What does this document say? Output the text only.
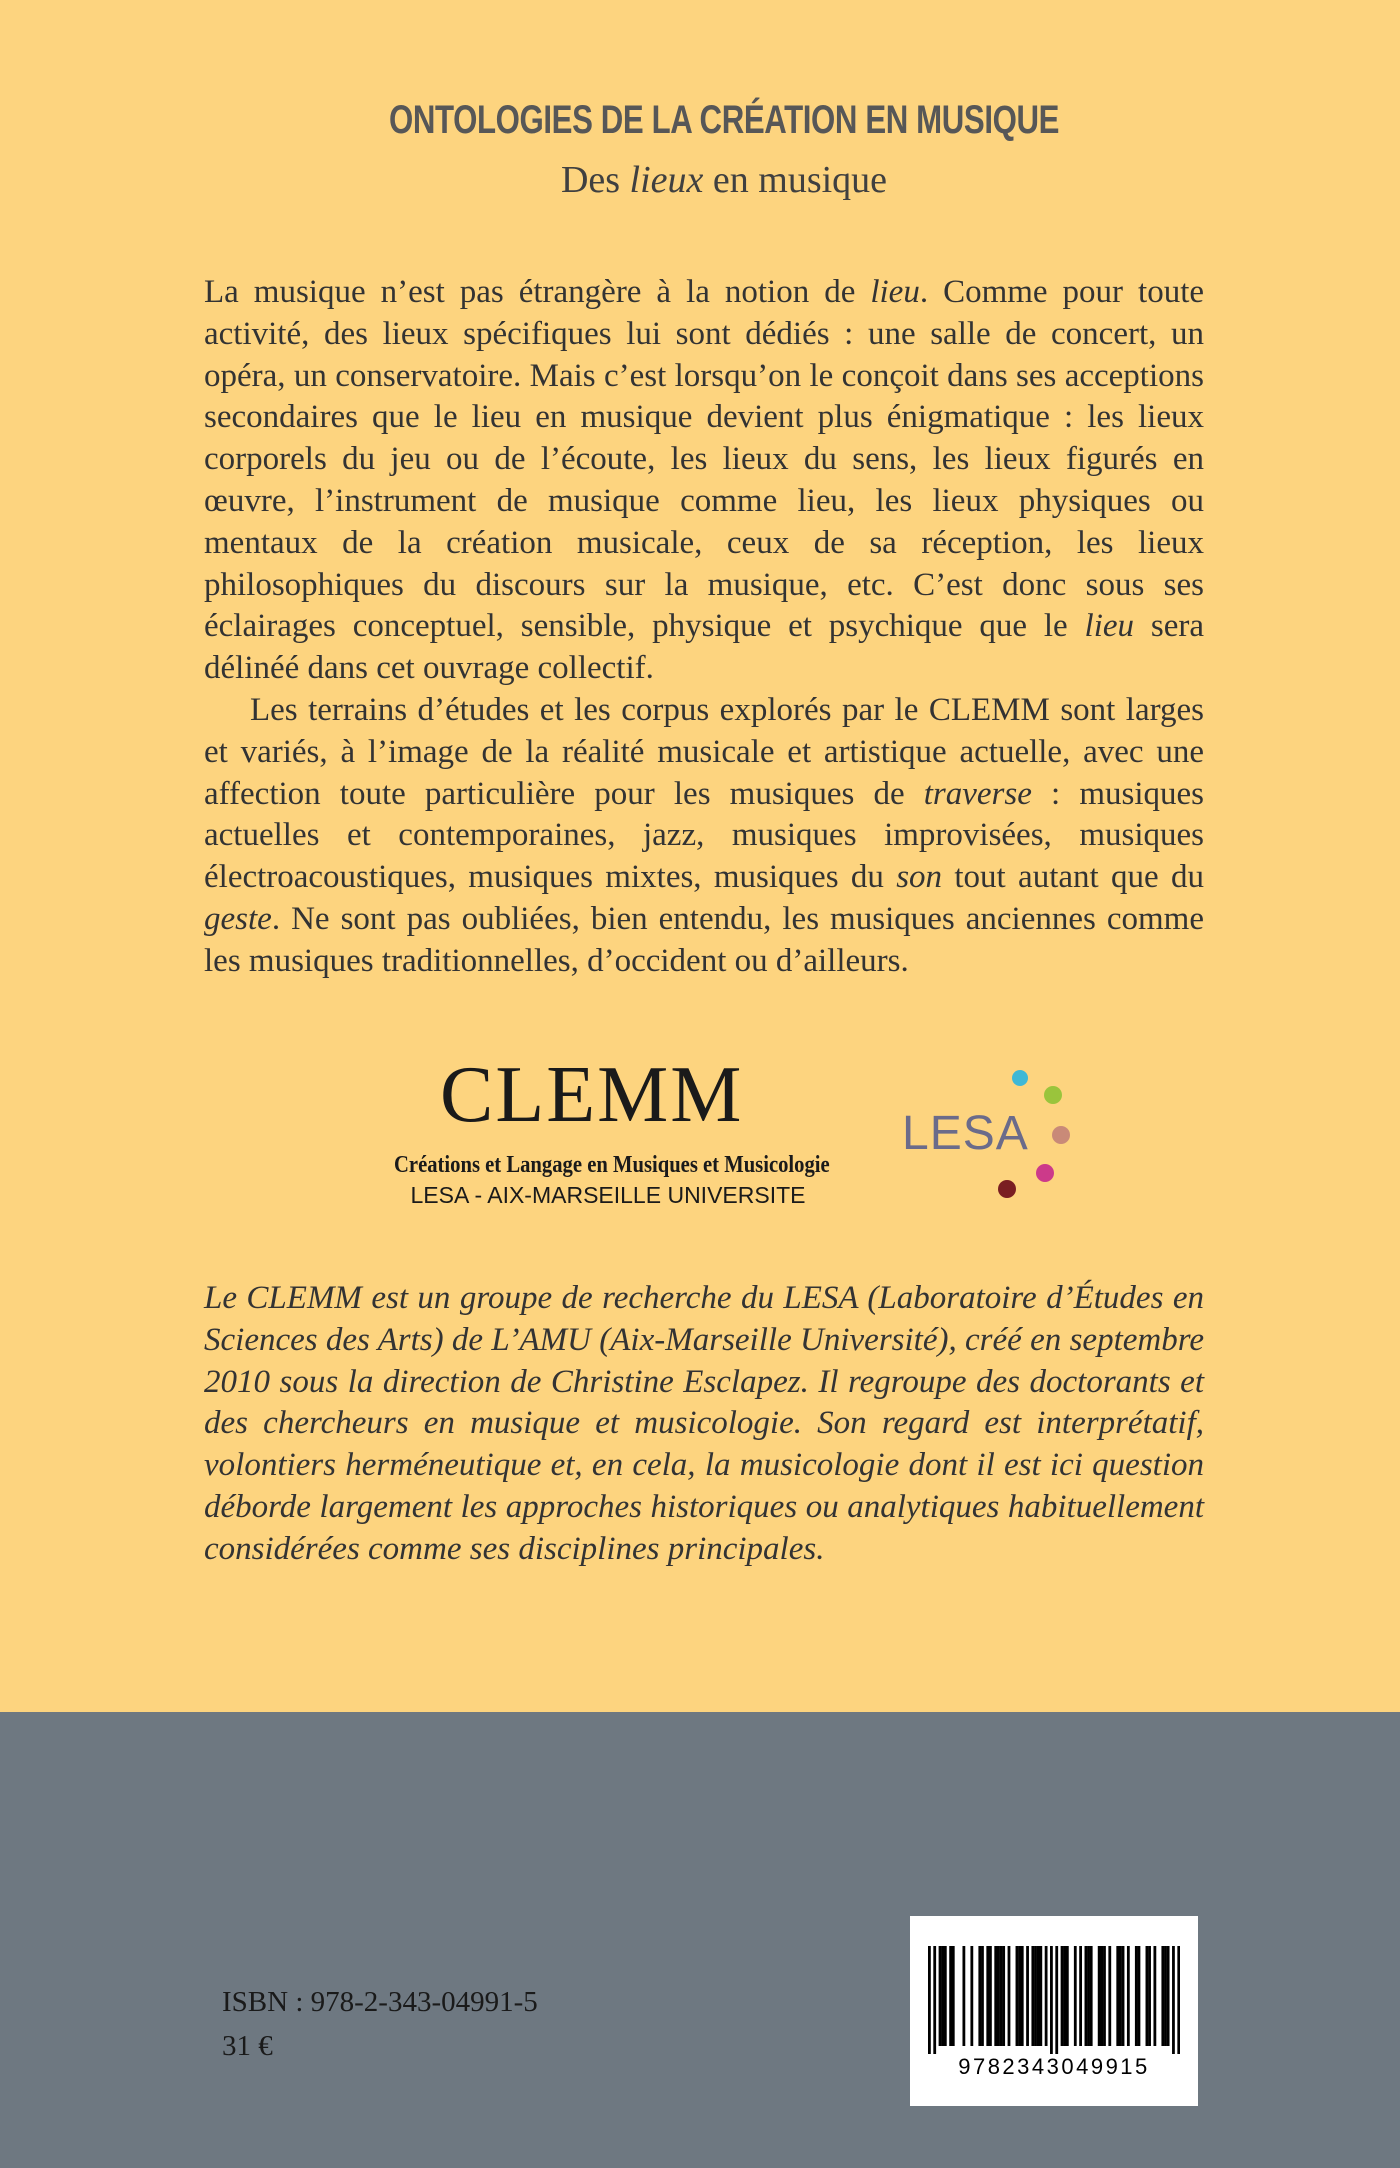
ONTOLOGIES DE LA CRÉATION EN MUSIQUE
Des lieux en musique

La musique n’est pas étrangère à la notion de lieu. Comme pour toute activité, des lieux spécifiques lui sont dédiés : une salle de concert, un opéra, un conservatoire. Mais c’est lorsqu’on le conçoit dans ses acceptions secondaires que le lieu en musique devient plus énigmatique : les lieux corporels du jeu ou de l’écoute, les lieux du sens, les lieux figurés en œuvre, l’instrument de musique comme lieu, les lieux physiques ou mentaux de la création musicale, ceux de sa réception, les lieux philosophiques du discours sur la musique, etc. C’est donc sous ses éclairages conceptuel, sensible, physique et psychique que le lieu sera délinéé dans cet ouvrage collectif.

Les terrains d’études et les corpus explorés par le CLEMM sont larges et variés, à l’image de la réalité musicale et artistique actuelle, avec une affection toute particulière pour les musiques de traverse : musiques actuelles et contemporaines, jazz, musiques improvisées, musiques électroacoustiques, musiques mixtes, musiques du son tout autant que du geste. Ne sont pas oubliées, bien entendu, les musiques anciennes comme les musiques traditionnelles, d’occident ou d’ailleurs.

CLEMM
Créations et Langage en Musiques et Musicologie
LESA - AIX-MARSEILLE UNIVERSITE
LESA
Le CLEMM est un groupe de recherche du LESA (Laboratoire d’Études en Sciences des Arts) de L’AMU (Aix-Marseille Université), créé en septembre 2010 sous la direction de Christine Esclapez. Il regroupe des doctorants et des chercheurs en musique et musicologie. Son regard est interprétatif, volontiers herméneutique et, en cela, la musicologie dont il est ici question déborde largement les approches historiques ou analytiques habituellement considérées comme ses disciplines principales.
ISBN : 978-2-343-04991-5
31 €
9782343049915
